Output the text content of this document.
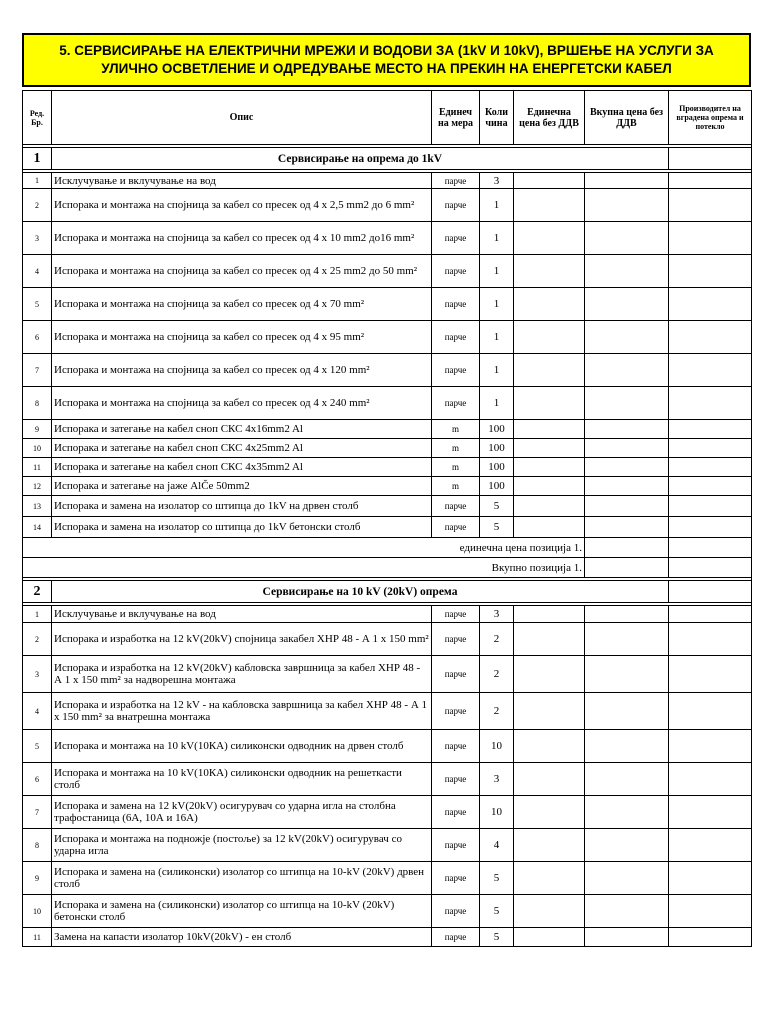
5. СЕРВИСИРАЊЕ НА ЕЛЕКТРИЧНИ МРЕЖИ И ВОДОВИ ЗА (1kV И 10kV), ВРШЕЊЕ НА УСЛУГИ ЗА
УЛИЧНО ОСВЕТЛЕНИЕ И ОДРЕДУВАЊЕ МЕСТО НА ПРЕКИН НА ЕНЕРГЕТСКИ КАБЕЛ
Ред. Бр.	Опис	Единеч на мера	Коли чина	Единечна цена без ДДВ	Вкупна цена без ДДВ	Производител на вградена опрема и потекло

1	Сервисирање на опрема до 1kV					

1	Исклучување и вклучување на вод	парче	3			
2	Испорака и монтажа на спојница за кабел со пресек од 4 х 2,5 mm2 до 6 mm²	парче	1			
3	Испорака и монтажа на спојница за кабел со пресек од 4 х 10 mm2 до16 mm²	парче	1			
4	Испорака и монтажа на спојница за кабел со пресек од 4 х 25 mm2 до 50 mm²	парче	1			
5	Испорака и монтажа на спојница за кабел со пресек од 4 х 70 mm²	парче	1			
6	Испорака и монтажа на спојница за кабел со пресек од 4 х 95 mm²	парче	1			
7	Испорака и монтажа на спојница за кабел со пресек од 4 х 120 mm²	парче	1			
8	Испорака и монтажа на спојница за кабел со пресек од 4 х 240 mm²	парче	1			
9	Испорака и затегање на кабел сноп СКС 4х16mm2 Al	m	100			
10	Испорака и затегање на кабел сноп СКС 4х25mm2 Al	m	100			
11	Испорака и затегање на кабел сноп СКС 4х35mm2 Al	m	100			
12	Испорака и затегање на јаже AlČe 50mm2	m	100			
13	Испорака и замена на изолатор со штипца до 1kV на дрвен столб	парче	5			
14	Испорака и замена на изолатор со штипца до 1kV бетонски столб	парче	5			
единечна цена позиција 1.						
Вкупно позиција 1.						

2	Сервисирање на 10 kV (20kV) опрема					

1	Исклучување и вклучување на вод	парче	3			
2	Испорака и изработка на 12 kV(20kV) спојница закабел ХНР 48 - А 1 х 150 mm²	парче	2			
3	Испорака и изработка на 12 kV(20kV) кабловска завршница за кабел ХНР 48 - А 1 х 150 mm² за надворешна монтажа	парче	2			
4	Испорака и изработка на 12 kV - на кабловска завршница за кабел ХНР 48 - А 1 х 150 mm² за внатрешна монтажа	парче	2			
5	Испорака и монтажа на 10 kV(10КА) силиконски одводник на дрвен столб	парче	10			
6	Испорака и монтажа на 10 kV(10КА) силиконски одводник на решеткасти столб	парче	3			
7	Испорака и замена на 12 kV(20kV) осигурувач со ударна игла на столбна трафостаница (6А, 10А и 16А)	парче	10			
8	Испорака и монтажа на подножје (постоље) за 12 kV(20kV) осигурувач со ударна игла	парче	4			
9	Испорака и замена на (силиконски) изолатор со штипца на 10-kV (20kV) дрвен столб	парче	5			
10	Испорака и замена на (силиконски) изолатор со штипца на 10-kV (20kV) бетонски столб	парче	5			
11	Замена на капасти изолатор 10kV(20kV) - ен столб	парче	5			
